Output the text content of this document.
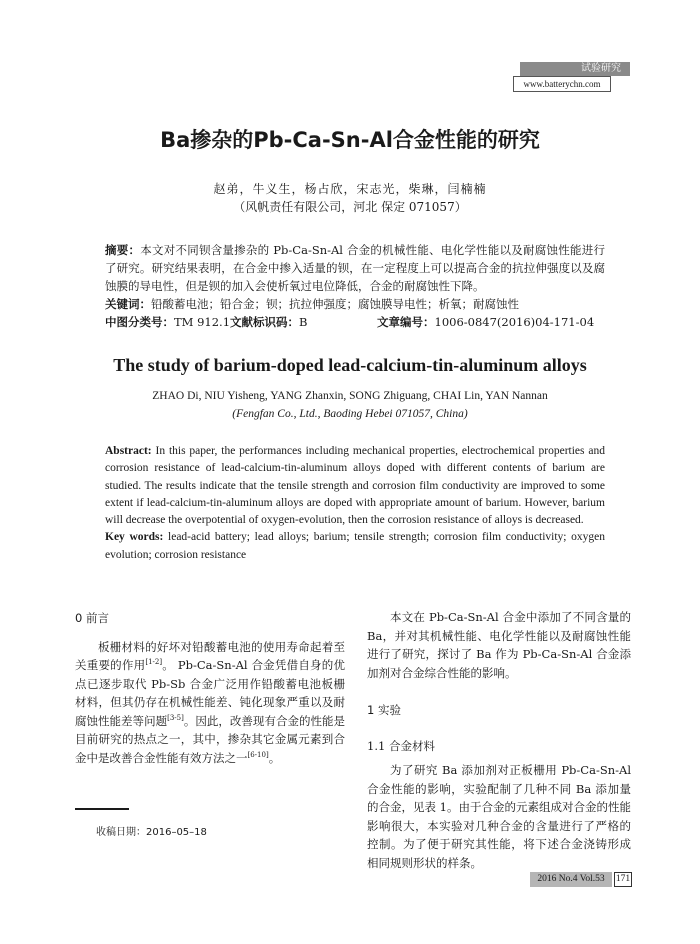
试验研究
www.batterychn.com
Ba掺杂的Pb-Ca-Sn-Al合金性能的研究
赵弟，牛义生，杨占欣，宋志光，柴琳，闫楠楠
（风帆责任有限公司，河北 保定 071057）

摘要：本文对不同钡含量掺杂的 Pb-Ca-Sn-Al 合金的机械性能、电化学性能以及耐腐蚀性能进行了研究。研究结果表明，在合金中掺入适量的钡，在一定程度上可以提高合金的抗拉伸强度以及腐蚀膜的导电性，但是钡的加入会使析氧过电位降低，合金的耐腐蚀性下降。

关键词：铅酸蓄电池；铅合金；钡；抗拉伸强度；腐蚀膜导电性；析氧；耐腐蚀性

中图分类号：TM 912.1 文献标识码：B	文章编号：1006-0847(2016)04-171-04
The study of barium-doped lead-calcium-tin-aluminum alloys
ZHAO Di, NIU Yisheng, YANG Zhanxin, SONG Zhiguang, CHAI Lin, YAN Nannan
(Fengfan Co., Ltd., Baoding Hebei 071057, China)

Abstract: In this paper, the performances including mechanical properties, electrochemical properties and corrosion resistance of lead-calcium-tin-aluminum alloys doped with different contents of barium are studied. The results indicate that the tensile strength and corrosion film conductivity are improved to some extent if lead-calcium-tin-aluminum alloys are doped with appropriate amount of barium. However, barium will decrease the overpotential of oxygen-evolution, then the corrosion resistance of alloys is decreased.

Key words: lead-acid battery; lead alloys; barium; tensile strength; corrosion film conductivity; oxygen evolution; corrosion resistance

0 前言

板栅材料的好坏对铅酸蓄电池的使用寿命起着至关重要的作用[1-2]。 Pb-Ca-Sn-Al 合金凭借自身的优点已逐步取代 Pb-Sb 合金广泛用作铅酸蓄电池板栅材料，但其仍存在机械性能差、钝化现象严重以及耐腐蚀性能差等问题[3-5]。因此，改善现有合金的性能是目前研究的热点之一，其中，掺杂其它金属元素到合金中是改善合金性能有效方法之一[6-10]。

收稿日期：2016–05–18

本文在 Pb-Ca-Sn-Al 合金中添加了不同含量的 Ba，并对其机械性能、电化学性能以及耐腐蚀性能进行了研究，探讨了 Ba 作为 Pb-Ca-Sn-Al 合金添加剂对合金综合性能的影响。

1 实验
1.1 合金材料

为了研究 Ba 添加剂对正板栅用 Pb-Ca-Sn-Al 合金性能的影响，实验配制了几种不同 Ba 添加量的合金，见表 1。由于合金的元素组成对合金的性能影响很大，本实验对几种合金的含量进行了严格的控制。为了便于研究其性能，将下述合金浇铸形成相同规则形状的样条。

2016 No.4 Vol.53	171
